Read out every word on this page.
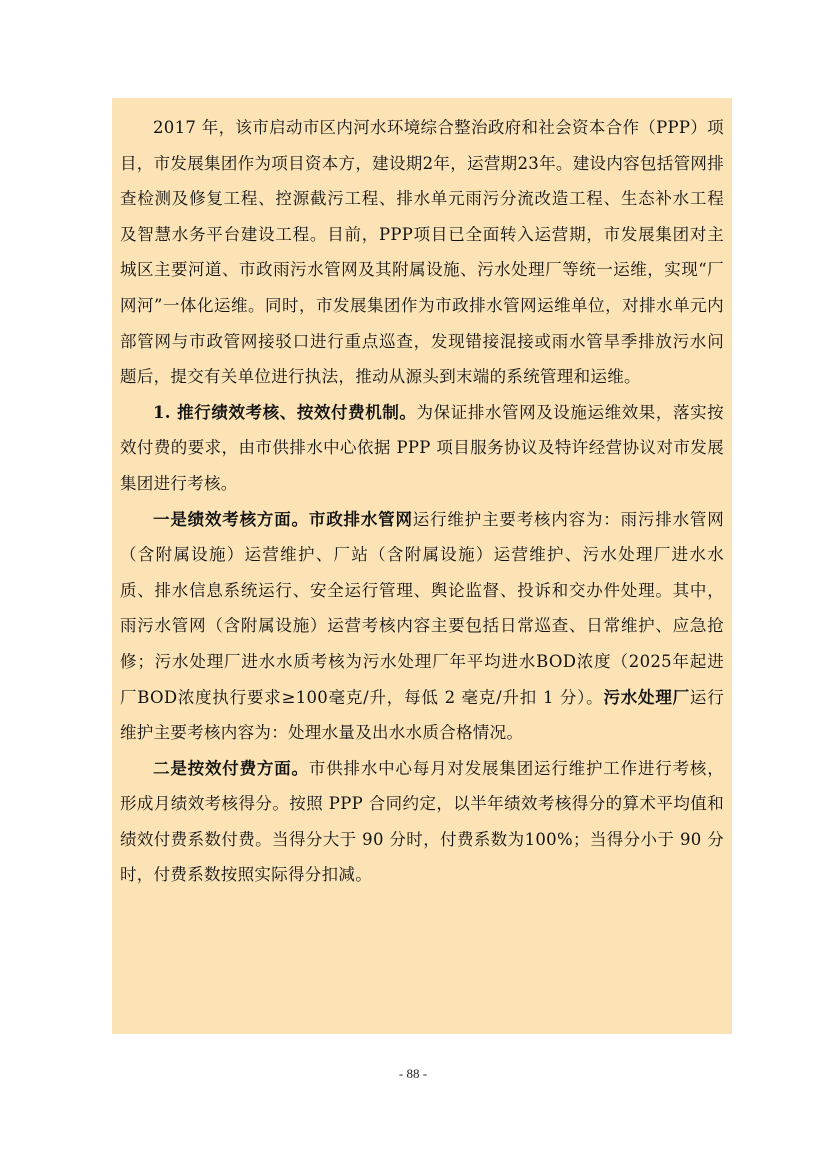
2017 年，该市启动市区内河水环境综合整治政府和社会资本合作（PPP）项目，市发展集团作为项目资本方，建设期2年，运营期23年。建设内容包括管网排查检测及修复工程、控源截污工程、排水单元雨污分流改造工程、生态补水工程及智慧水务平台建设工程。目前，PPP项目已全面转入运营期，市发展集团对主城区主要河道、市政雨污水管网及其附属设施、污水处理厂等统一运维，实现“厂网河”一体化运维。同时，市发展集团作为市政排水管网运维单位，对排水单元内部管网与市政管网接驳口进行重点巡查，发现错接混接或雨水管旱季排放污水问题后，提交有关单位进行执法，推动从源头到末端的系统管理和运维。

1. 推行绩效考核、按效付费机制。为保证排水管网及设施运维效果，落实按效付费的要求，由市供排水中心依据 PPP 项目服务协议及特许经营协议对市发展集团进行考核。

一是绩效考核方面。市政排水管网运行维护主要考核内容为：雨污排水管网（含附属设施）运营维护、厂站（含附属设施）运营维护、污水处理厂进水水质、排水信息系统运行、安全运行管理、舆论监督、投诉和交办件处理。其中，雨污水管网（含附属设施）运营考核内容主要包括日常巡查、日常维护、应急抢修；污水处理厂进水水质考核为污水处理厂年平均进水BOD浓度（2025年起进厂BOD浓度执行要求≥100毫克/升，每低 2 毫克/升扣 1 分）。污水处理厂运行维护主要考核内容为：处理水量及出水水质合格情况。

二是按效付费方面。市供排水中心每月对发展集团运行维护工作进行考核，形成月绩效考核得分。按照 PPP 合同约定，以半年绩效考核得分的算术平均值和绩效付费系数付费。当得分大于 90 分时，付费系数为100%；当得分小于 90 分时，付费系数按照实际得分扣减。

- 88 -
